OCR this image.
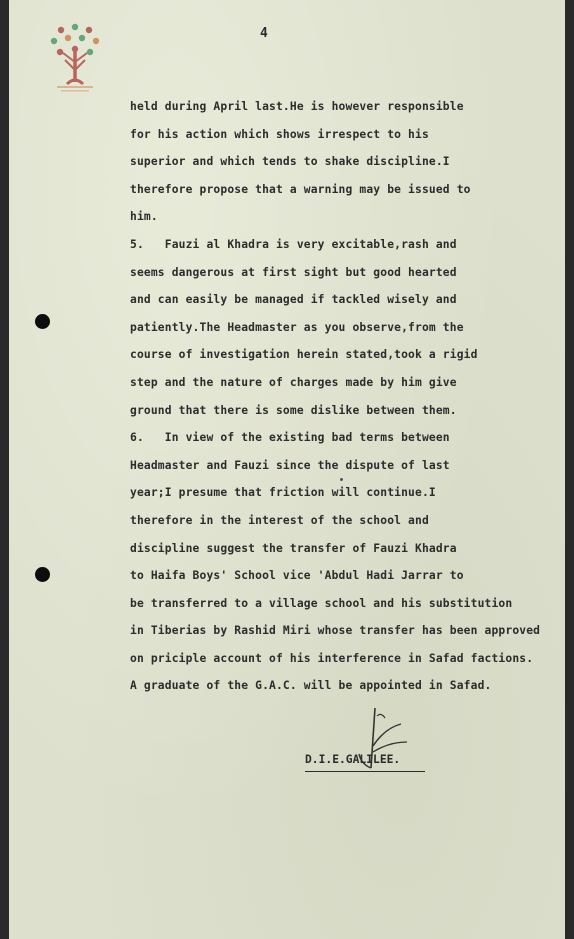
4
held during April last.He is however responsible
for his action which shows irrespect to his
superior and which tends to shake discipline.I
therefore propose that a warning may be issued to
him.
5.   Fauzi al Khadra is very excitable,rash and
seems dangerous at first sight but good hearted
and can easily be managed if tackled wisely and
patiently.The Headmaster as you observe,from the
course of investigation herein stated,took a rigid
step and the nature of charges made by him give
ground that there is some dislike between them.
6.   In view of the existing bad terms between
Headmaster and Fauzi since the dispute of last
year;I presume that friction will continue.I
therefore in the interest of the school and
discipline suggest the transfer of Fauzi Khadra
to Haifa Boys' School vice 'Abdul Hadi Jarrar to
be transferred to a village school and his substitution
in Tiberias by Rashid Miri whose transfer has been approved
on priciple account of his interference in Safad factions.
A graduate of the G.A.C. will be appointed in Safad.
D.I.E.GALILEE.
